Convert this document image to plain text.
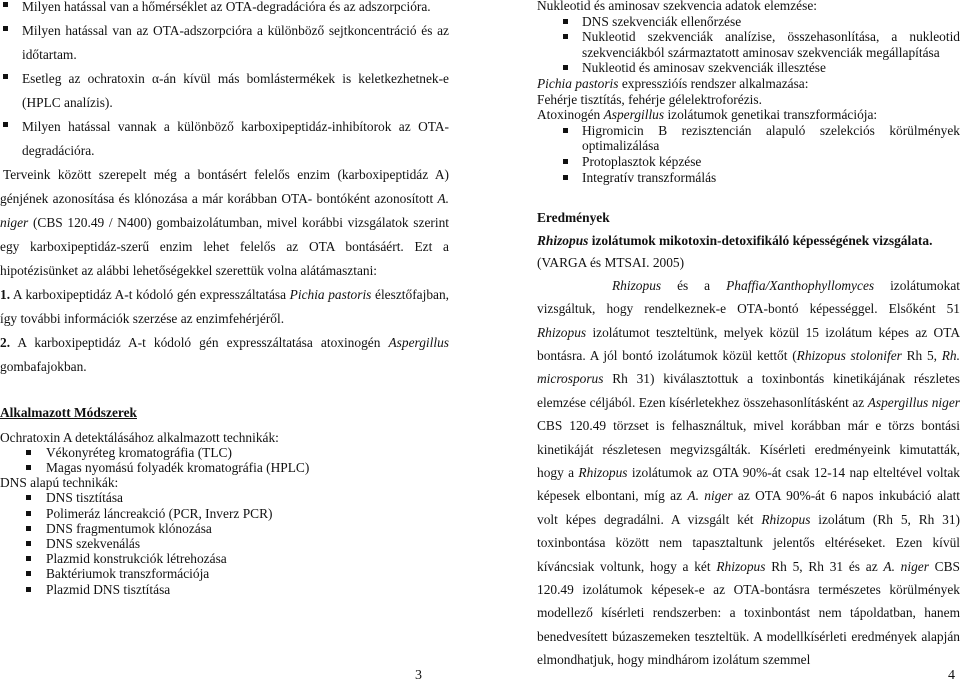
Milyen hatással van a hőmérséklet az OTA-degradációra és az adszorpcióra.
Milyen hatással van az OTA-adszorpcióra a különböző sejtkoncentráció és az időtartam.
Esetleg az ochratoxin α-án kívül más bomlástermékek is keletkezhetnek-e (HPLC analízis).
Milyen hatással vannak a különböző karboxipeptidáz-inhibítorok az OTA-degradációra.

Terveink között szerepelt még a bontásért felelős enzim (karboxipeptidáz A) génjének azonosítása és klónozása a már korábban OTA- bontóként azonosított A. niger (CBS 120.49 / N400) gombaizolátumban, mivel korábbi vizsgálatok szerint egy karboxipeptidáz-szerű enzim lehet felelős az OTA bontásáért. Ezt a hipotézisünket az alábbi lehetőségekkel szerettük volna alátámasztani:

1. A karboxipeptidáz A-t kódoló gén expresszáltatása Pichia pastoris élesztőfajban, így további információk szerzése az enzimfehérjéről.

2. A karboxipeptidáz A-t kódoló gén expresszáltatása atoxinogén Aspergillus gombafajokban.

Alkalmazott Módszerek
Ochratoxin A detektálásához alkalmazott technikák:
Vékonyréteg kromatográfia (TLC)
Magas nyomású folyadék kromatográfia (HPLC)
DNS alapú technikák:
DNS tisztítása
Polimeráz láncreakció (PCR, Inverz PCR)
DNS fragmentumok klónozása
DNS szekvenálás
Plazmid konstrukciók létrehozása
Baktériumok transzformációja
Plazmid DNS tisztítása
3
Nukleotid és aminosav szekvencia adatok elemzése:
DNS szekvenciák ellenőrzése
Nukleotid szekvenciák analízise, összehasonlítása, a nukleotid szekvenciákból származtatott aminosav szekvenciák megállapítása
Nukleotid és aminosav szekvenciák illesztése
Pichia pastoris expresszióís rendszer alkalmazása:
Fehérje tisztítás, fehérje gélelektroforézis.
Atoxinogén Aspergillus izolátumok genetikai transzformációja:
Higromicin B rezisztencián alapuló szelekciós körülmények optimalizálása
Protoplasztok képzése
Integratív transzformálás
Eredmények
Rhizopus izolátumok mikotoxin-detoxifikáló képességének vizsgálata.
(VARGA és MTSAI. 2005)

Rhizopus és a Phaffia/Xanthophyllomyces izolátumokat vizsgáltuk, hogy rendelkeznek-e OTA-bontó képességgel. Elsőként 51 Rhizopus izolátumot teszteltünk, melyek közül 15 izolátum képes az OTA bontásra. A jól bontó izolátumok közül kettőt (Rhizopus stolonifer Rh 5, Rh. microsporus Rh 31) kiválasztottuk a toxinbontás kinetikájának részletes elemzése céljából. Ezen kísérletekhez összehasonlításként az Aspergillus niger CBS 120.49 törzset is felhasználtuk, mivel korábban már e törzs bontási kinetikáját részletesen megvizsgálták. Kísérleti eredményeink kimutatták, hogy a Rhizopus izolátumok az OTA 90%-át csak 12-14 nap elteltével voltak képesek elbontani, míg az A. niger az OTA 90%-át 6 napos inkubáció alatt volt képes degradálni. A vizsgált két Rhizopus izolátum (Rh 5, Rh 31) toxinbontása között nem tapasztaltunk jelentős eltéréseket. Ezen kívül kíváncsiak voltunk, hogy a két Rhizopus Rh 5, Rh 31 és az A. niger CBS 120.49 izolátumok képesek-e az OTA-bontásra természetes körülmények modellező kísérleti rendszerben: a toxinbontást nem tápoldatban, hanem benedvesített búzaszemeken teszteltük. A modellkísérleti eredmények alapján elmondhatjuk, hogy mindhárom izolátum szemmel

4
